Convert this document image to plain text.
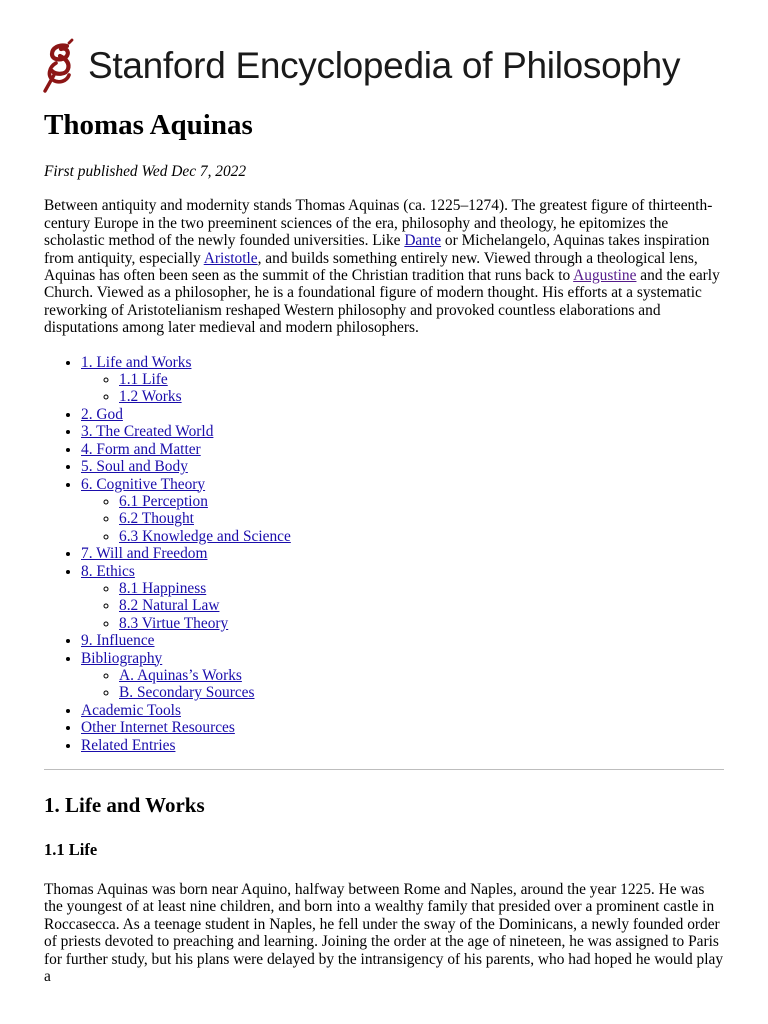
Stanford Encyclopedia of Philosophy
Thomas Aquinas
First published Wed Dec 7, 2022

Between antiquity and modernity stands Thomas Aquinas (ca. 1225–1274). The greatest figure of thirteenth-century Europe in the two preeminent sciences of the era, philosophy and theology, he epitomizes the scholastic method of the newly founded universities. Like Dante or Michelangelo, Aquinas takes inspiration from antiquity, especially Aristotle, and builds something entirely new. Viewed through a theological lens, Aquinas has often been seen as the summit of the Christian tradition that runs back to Augustine and the early Church. Viewed as a philosopher, he is a foundational figure of modern thought. His efforts at a systematic reworking of Aristotelianism reshaped Western philosophy and provoked countless elaborations and disputations among later medieval and modern philosophers.

• 1. Life and Works
◦ 1.1 Life
◦ 1.2 Works
• 2. God
• 3. The Created World
• 4. Form and Matter
• 5. Soul and Body
• 6. Cognitive Theory
◦ 6.1 Perception
◦ 6.2 Thought
◦ 6.3 Knowledge and Science
• 7. Will and Freedom
• 8. Ethics
◦ 8.1 Happiness
◦ 8.2 Natural Law
◦ 8.3 Virtue Theory
• 9. Influence
• Bibliography
◦ A. Aquinas’s Works
◦ B. Secondary Sources
• Academic Tools
• Other Internet Resources
• Related Entries
1. Life and Works
1.1 Life

Thomas Aquinas was born near Aquino, halfway between Rome and Naples, around the year 1225. He was the youngest of at least nine children, and born into a wealthy family that presided over a prominent castle in Roccasecca. As a teenage student in Naples, he fell under the sway of the Dominicans, a newly founded order of priests devoted to preaching and learning. Joining the order at the age of nineteen, he was assigned to Paris for further study, but his plans were delayed by the intransigency of his parents, who had hoped he would play a
